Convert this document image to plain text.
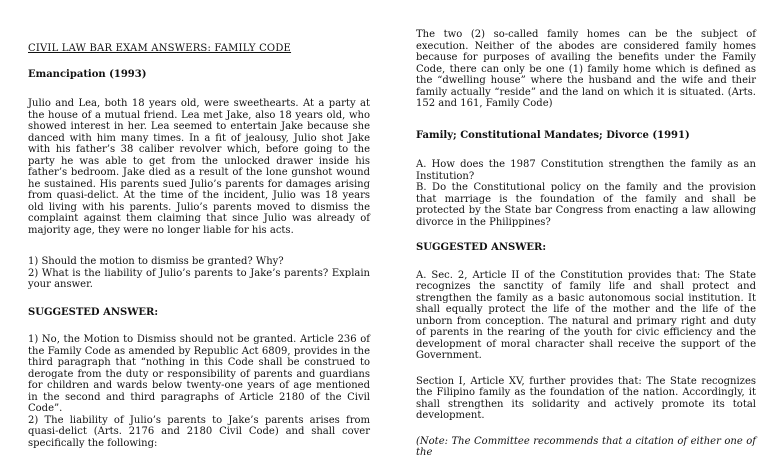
CIVIL LAW BAR EXAM ANSWERS: FAMILY CODE

Emancipation (1993)

Julio and Lea, both 18 years old, were sweethearts. At a party at the house of a mutual friend. Lea met Jake, also 18 years old, who showed interest in her. Lea seemed to entertain Jake because she danced with him many times. In a fit of jealousy, Julio shot Jake with his father’s 38 caliber revolver which, before going to the party he was able to get from the unlocked drawer inside his father’s bedroom. Jake died as a result of the lone gunshot wound he sustained. His parents sued Julio’s parents for damages arising from quasi-delict. At the time of the incident, Julio was 18 years old living with his parents. Julio’s parents moved to dismiss the complaint against them claiming that since Julio was already of majority age, they were no longer liable for his acts.

1) Should the motion to dismiss be granted? Why?

2) What is the liability of Julio’s parents to Jake’s parents? Explain your answer.

SUGGESTED ANSWER:

1) No, the Motion to Dismiss should not be granted. Article 236 of the Family Code as amended by Republic Act 6809, provides in the third paragraph that “nothing in this Code shall be construed to derogate from the duty or responsibility of parents and guardians for children and wards below twenty-one years of age mentioned in the second and third paragraphs of Article 2180 of the Civil Code”.

2) The liability of Julio’s parents to Jake’s parents arises from quasi-delict (Arts. 2176 and 2180 Civil Code) and shall cover specifically the following:

The two (2) so-called family homes can be the subject of execution. Neither of the abodes are considered family homes because for purposes of availing the benefits under the Family Code, there can only be one (1) family home which is defined as the “dwelling house” where the husband and the wife and their family actually “reside” and the land on which it is situated. (Arts. 152 and 161, Family Code)

Family; Constitutional Mandates; Divorce (1991)

A. How does the 1987 Constitution strengthen the family as an Institution?

B. Do the Constitutional policy on the family and the provision that marriage is the foundation of the family and shall be protected by the State bar Congress from enacting a law allowing divorce in the Philippines?

SUGGESTED ANSWER:

A. Sec. 2, Article II of the Constitution provides that: The State recognizes the sanctity of family life and shall protect and strengthen the family as a basic autonomous social institution. It shall equally protect the life of the mother and the life of the unborn from conception. The natural and primary right and duty of parents in the rearing of the youth for civic efficiency and the development of moral character shall receive the support of the Government.

Section I, Article XV, further provides that: The State recognizes the Filipino family as the foundation of the nation. Accordingly, it shall strengthen its solidarity and actively promote its total development.

(Note: The Committee recommends that a citation of either one of the
